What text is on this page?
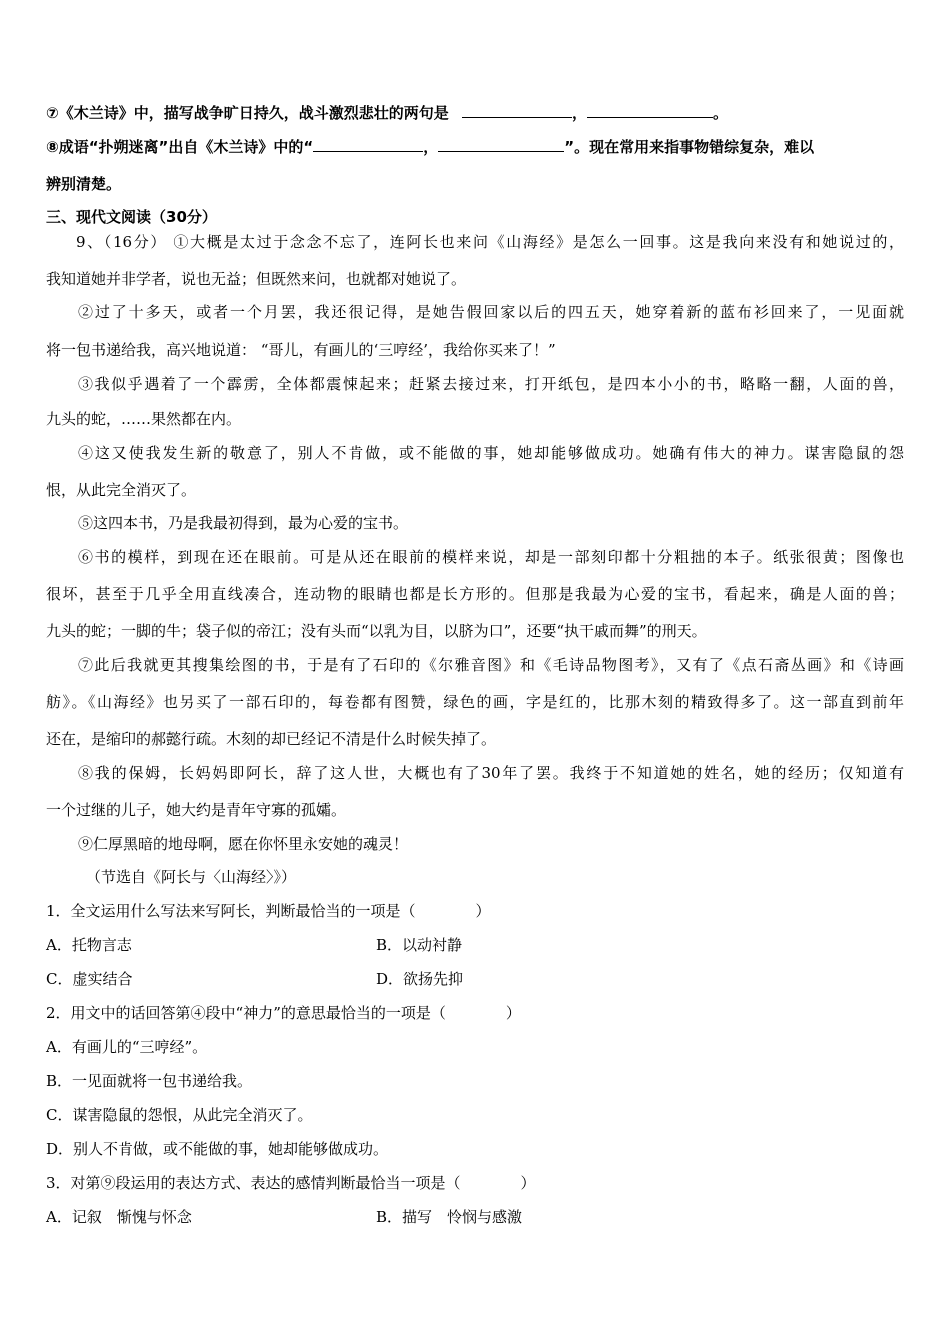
⑦《木兰诗》中，描写战争旷日持久，战斗激烈悲壮的两句是	，	。
⑧成语“扑朔迷离”出自《木兰诗》中的“	，	”。现在常用来指事物错综复杂，难以
辨别清楚。
三、现代文阅读（30分）
9、（16分） ①大概是太过于念念不忘了，连阿长也来问《山海经》是怎么一回事。这是我向来没有和她说过的，
我知道她并非学者，说也无益；但既然来问，也就都对她说了。
②过了十多天，或者一个月罢，我还很记得，是她告假回家以后的四五天，她穿着新的蓝布衫回来了，一见面就
将一包书递给我，高兴地说道： “哥儿，有画儿的‘三哼经’，我给你买来了！”
③我似乎遇着了一个霹雳，全体都震悚起来；赶紧去接过来，打开纸包，是四本小小的书，略略一翻，人面的兽，
九头的蛇，……果然都在内。
④这又使我发生新的敬意了，别人不肯做，或不能做的事，她却能够做成功。她确有伟大的神力。谋害隐鼠的怨
恨，从此完全消灭了。
⑤这四本书，乃是我最初得到，最为心爱的宝书。
⑥书的模样，到现在还在眼前。可是从还在眼前的模样来说，却是一部刻印都十分粗拙的本子。纸张很黄；图像也
很坏，甚至于几乎全用直线凑合，连动物的眼睛也都是长方形的。但那是我最为心爱的宝书，看起来，确是人面的兽；
九头的蛇；一脚的牛；袋子似的帝江；没有头而“以乳为目，以脐为口”，还要“执干戚而舞”的刑天。
⑦此后我就更其搜集绘图的书，于是有了石印的《尔雅音图》和《毛诗品物图考》，又有了《点石斋丛画》和《诗画
舫》。《山海经》也另买了一部石印的，每卷都有图赞，绿色的画，字是红的，比那木刻的精致得多了。这一部直到前年
还在，是缩印的郝懿行疏。木刻的却已经记不清是什么时候失掉了。
⑧我的保姆，长妈妈即阿长，辞了这人世，大概也有了30年了罢。我终于不知道她的姓名，她的经历；仅知道有
一个过继的儿子，她大约是青年守寡的孤孀。
⑨仁厚黑暗的地母啊，愿在你怀里永安她的魂灵！
（节选自《阿长与〈山海经〉》）
1．全文运用什么写法来写阿长，判断最恰当的一项是（　　　　）
A．托物言志	B．以动衬静
C．虚实结合	D．欲扬先抑
2．用文中的话回答第④段中“神力”的意思最恰当的一项是（　　　　）
A．有画儿的“三哼经”。
B．一见面就将一包书递给我。
C．谋害隐鼠的怨恨，从此完全消灭了。
D．别人不肯做，或不能做的事，她却能够做成功。
3．对第⑨段运用的表达方式、表达的感情判断最恰当一项是（　　　　）
A．记叙　惭愧与怀念	B．描写　怜悯与感激
